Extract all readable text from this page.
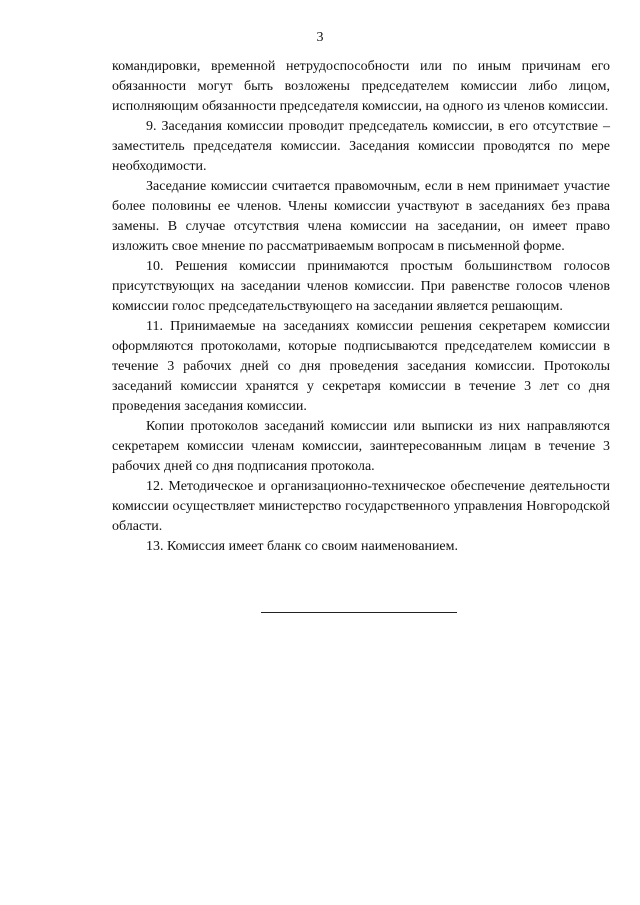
3

командировки, временной нетрудоспособности или по иным причинам его обязанности могут быть возложены председателем комиссии либо лицом, исполняющим обязанности председателя комиссии, на одного из членов комиссии.

9. Заседания комиссии проводит председатель комиссии, в его отсутствие – заместитель председателя комиссии. Заседания комиссии проводятся по мере необходимости.

Заседание комиссии считается правомочным, если в нем принимает участие более половины ее членов. Члены комиссии участвуют в заседаниях без права замены. В случае отсутствия члена комиссии на заседании, он имеет право изложить свое мнение по рассматриваемым вопросам в письменной форме.

10. Решения комиссии принимаются простым большинством голосов присутствующих на заседании членов комиссии. При равенстве голосов членов комиссии голос председательствующего на заседании является решающим.

11. Принимаемые на заседаниях комиссии решения секретарем комиссии оформляются протоколами, которые подписываются председателем комиссии в течение 3 рабочих дней со дня проведения заседания комиссии. Протоколы заседаний комиссии хранятся у секретаря комиссии в течение 3 лет со дня проведения заседания комиссии.

Копии протоколов заседаний комиссии или выписки из них направляются секретарем комиссии членам комиссии, заинтересованным лицам в течение 3 рабочих дней со дня подписания протокола.

12. Методическое и организационно-техническое обеспечение деятельности комиссии осуществляет министерство государственного управления Новгородской области.

13. Комиссия имеет бланк со своим наименованием.
